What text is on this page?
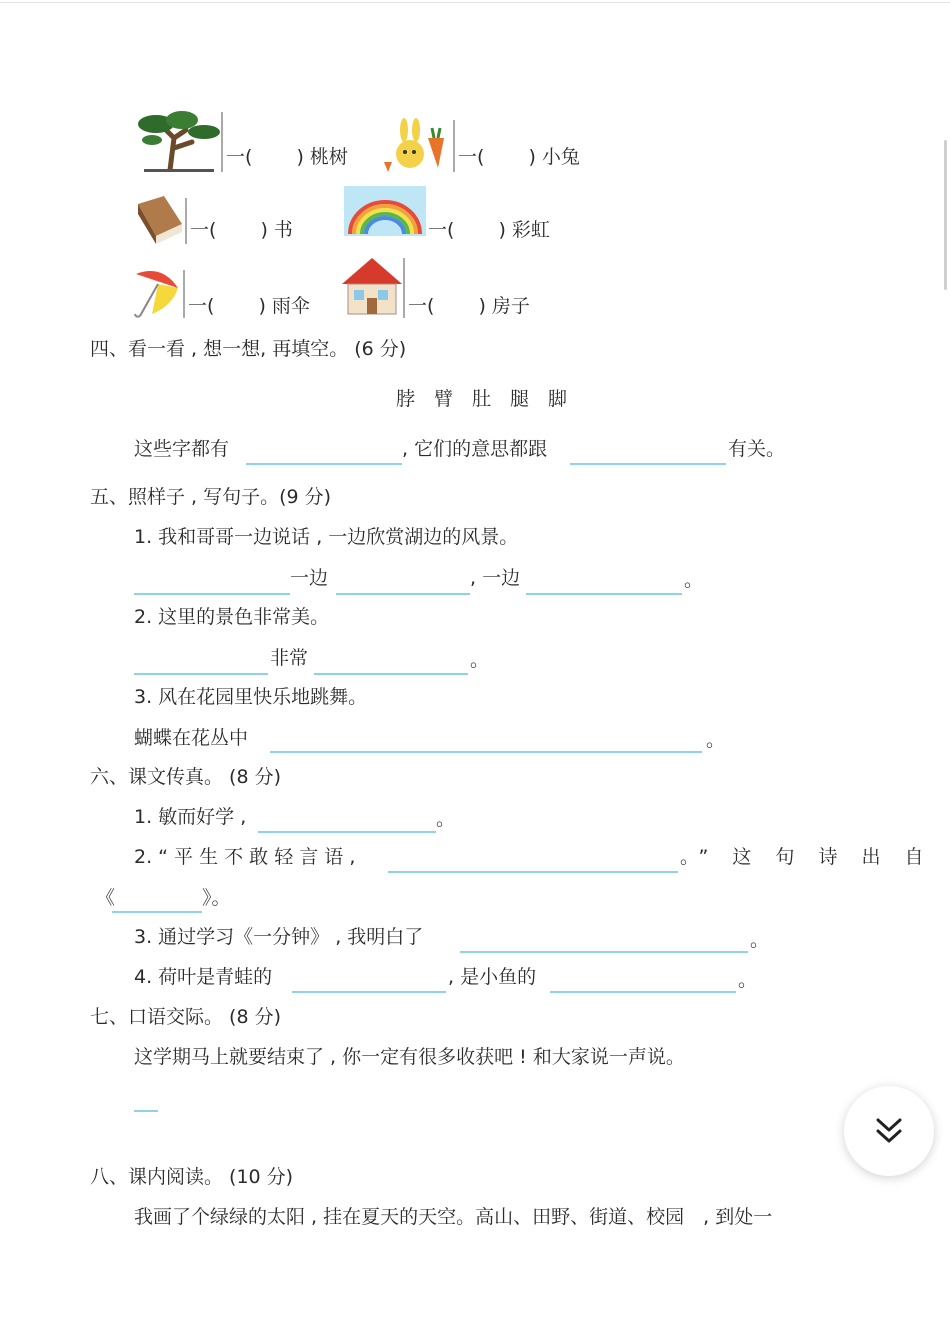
一(　　 ) 桃树	一(　　 ) 小兔
一(　　 ) 书	一(　　 ) 彩虹
一(　　 ) 雨伞	一(　　 ) 房子
四、看一看 , 想一想, 再填空。 (6 分)
脖　臂　肚　腿　脚
这些字都有	, 它们的意思都跟	有关。
五、照样子 , 写句子。(9 分)
1. 我和哥哥一边说话 , 一边欣赏湖边的风景。
一边	, 一边	。
2. 这里的景色非常美。
非常	。
3. 风在花园里快乐地跳舞。
蝴蝶在花丛中	。
六、课文传真。 (8 分)
1. 敏而好学 ,	。
2. “ 平 生 不 敢 轻 言 语 ,	。” 这 句 诗 出 自
《	》。
3. 通过学习《一分钟》 , 我明白了	。
4. 荷叶是青蛙的	, 是小鱼的	。
七、口语交际。 (8 分)
这学期马上就要结束了 , 你一定有很多收获吧 ! 和大家说一声说。
八、课内阅读。 (10 分)
我画了个绿绿的太阳 , 挂在夏天的天空。高山、田野、街道、校园　, 到处一
